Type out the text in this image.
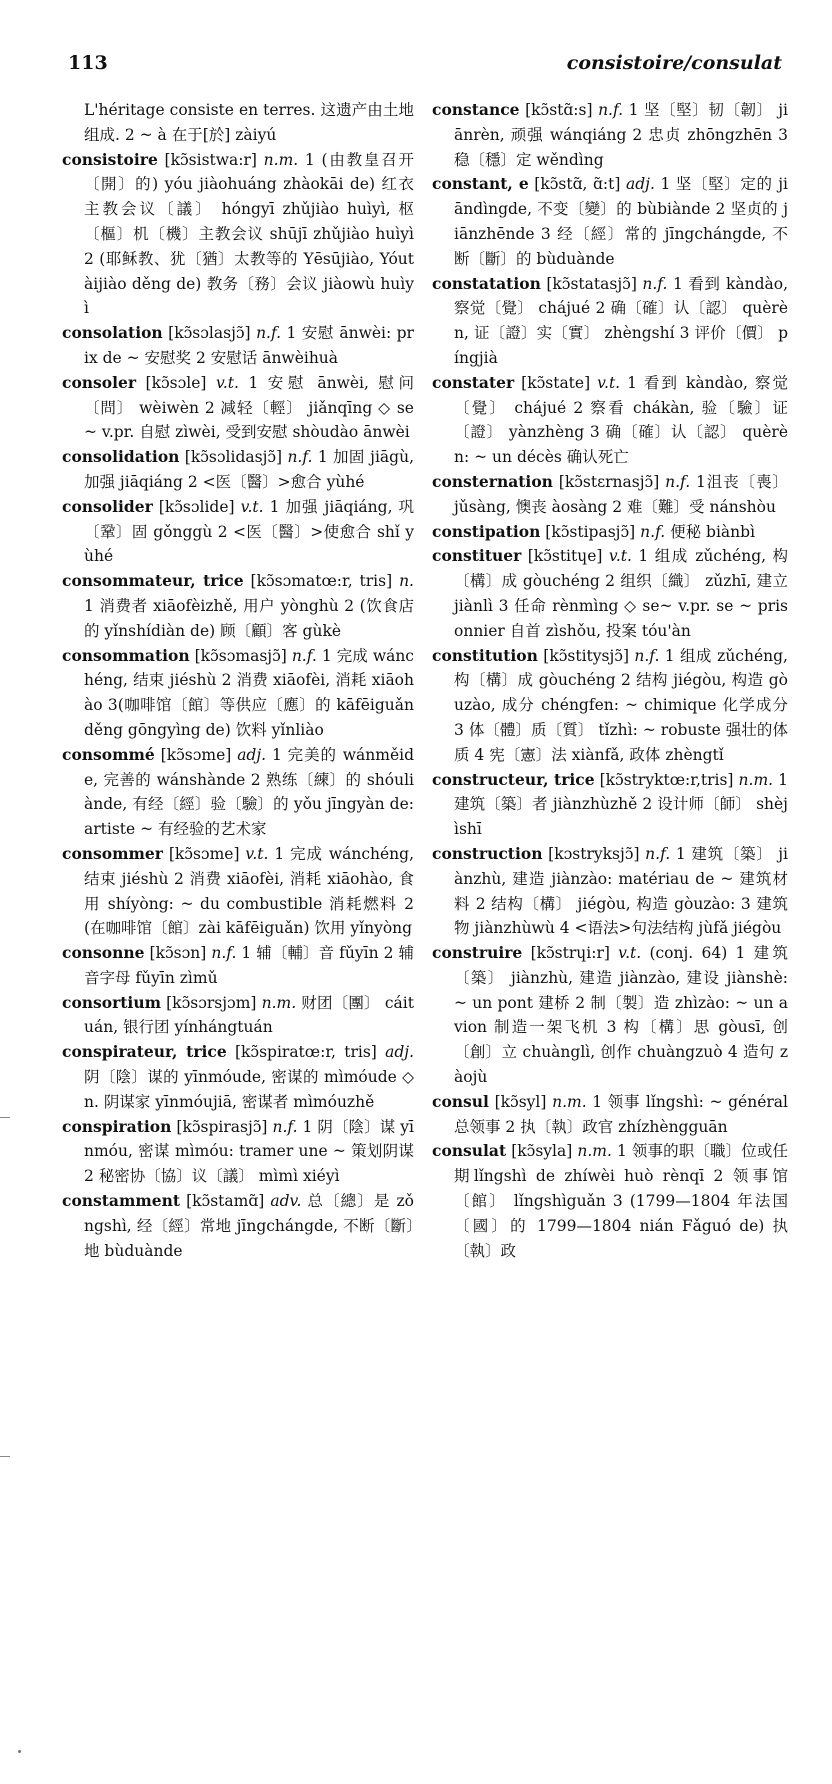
113	consistoire/consulat

L'héritage consiste en terres. 这遗产由土地组成. 2 ~ à 在于[於] zàiyú

consistoire [kɔ̃sistwa:r] n.m. 1 (由教皇召开〔開〕的) yóu jiàohuáng zhàokāi de) 红衣主教会议〔議〕 hóngyī zhǔjiào huìyì, 枢〔樞〕机〔機〕主教会议 shūjī zhǔjiào huìyì 2 (耶稣教、犹〔猶〕太教等的 Yēsūjiào, Yóutàijiào děng de) 教务〔務〕会议 jiàowù huìyì

consolation [kɔ̃sɔlasjɔ̃] n.f. 1 安慰 ānwèi: prix de ~ 安慰奖 2 安慰话 ānwèihuà

consoler [kɔ̃sɔle] v.t. 1 安慰 ānwèi, 慰问〔問〕 wèiwèn 2 减轻〔輕〕 jiǎnqīng ◇ se ~ v.pr. 自慰 zìwèi, 受到安慰 shòudào ānwèi

consolidation [kɔ̃sɔlidasjɔ̃] n.f. 1 加固 jiāgù, 加强 jiāqiáng 2 <医〔醫〕>愈合 yùhé

consolider [kɔ̃sɔlide] v.t. 1 加强 jiāqiáng, 巩〔鞏〕固 gǒnggù 2 <医〔醫〕>使愈合 shǐ yùhé

consommateur, trice [kɔ̃sɔmatœ:r, tris] n. 1 消费者 xiāofèizhě, 用户 yònghù 2 (饮食店的 yǐnshídiàn de) 顾〔顧〕客 gùkè

consommation [kɔ̃sɔmasjɔ̃] n.f. 1 完成 wánchéng, 结束 jiéshù 2 消费 xiāofèi, 消耗 xiāohào 3(咖啡馆〔館〕等供应〔應〕的 kāfēiguǎn děng gōngyìng de) 饮料 yǐnliào

consommé [kɔ̃sɔme] adj. 1 完美的 wánměide, 完善的 wánshànde 2 熟练〔練〕的 shóuliànde, 有经〔經〕验〔驗〕的 yǒu jīngyàn de: artiste ~ 有经验的艺术家

consommer [kɔ̃sɔme] v.t. 1 完成 wánchéng, 结束 jiéshù 2 消费 xiāofèi, 消耗 xiāohào, 食用 shíyòng: ~ du combustible 消耗燃料 2 (在咖啡馆〔館〕zài kāfēiguǎn) 饮用 yǐnyòng

consonne [kɔ̃sɔn] n.f. 1 辅〔輔〕音 fǔyīn 2 辅音字母 fǔyīn zìmǔ

consortium [kɔ̃sɔrsjɔm] n.m. 财团〔團〕 cáituán, 银行团 yínhángtuán

conspirateur, trice [kɔ̃spiratœ:r, tris] adj. 阴〔陰〕谋的 yīnmóude, 密谋的 mìmóude ◇ n. 阴谋家 yīnmóujiā, 密谋者 mìmóuzhě

conspiration [kɔ̃spirasjɔ̃] n.f. 1 阴〔陰〕谋 yīnmóu, 密谋 mìmóu: tramer une ~ 策划阴谋 2 秘密协〔協〕议〔議〕 mìmì xiéyì

constamment [kɔ̃stamɑ̃] adv. 总〔總〕是 zǒngshì, 经〔經〕常地 jīngchángde, 不断〔斷〕地 bùduànde

constance [kɔ̃stɑ̃:s] n.f. 1 坚〔堅〕韧〔韌〕 jiānrèn, 顽强 wánqiáng 2 忠贞 zhōngzhēn 3 稳〔穩〕定 wěndìng

constant, e [kɔ̃stɑ̃, ɑ̃:t] adj. 1 坚〔堅〕定的 jiāndìngde, 不变〔變〕的 bùbiànde 2 坚贞的 jiānzhēnde 3 经〔經〕常的 jīngchángde, 不断〔斷〕的 bùduànde

constatation [kɔ̃statasjɔ̃] n.f. 1 看到 kàndào, 察觉〔覺〕 chájué 2 确〔確〕认〔認〕 quèrèn, 证〔證〕实〔實〕 zhèngshí 3 评价〔價〕 píngjià

constater [kɔ̃state] v.t. 1 看到 kàndào, 察觉〔覺〕 chájué 2 察看 chákàn, 验〔驗〕证〔證〕 yànzhèng 3 确〔確〕认〔認〕 quèrèn: ~ un décès 确认死亡

consternation [kɔ̃stɛrnasjɔ̃] n.f. 1沮丧〔喪〕 jǔsàng, 懊丧 àosàng 2 难〔難〕受 nánshòu

constipation [kɔ̃stipasjɔ̃] n.f. 便秘 biànbì

constituer [kɔ̃stitɥe] v.t. 1 组成 zǔchéng, 构〔構〕成 gòuchéng 2 组织〔織〕 zǔzhī, 建立 jiànlì 3 任命 rènmìng ◇ se~ v.pr. se ~ prisonnier 自首 zìshǒu, 投案 tóu'àn

constitution [kɔ̃stitysjɔ̃] n.f. 1 组成 zǔchéng, 构〔構〕成 gòuchéng 2 结构 jiégòu, 构造 gòuzào, 成分 chéngfen: ~ chimique 化学成分 3 体〔體〕质〔質〕 tǐzhì: ~ robuste 强壮的体质 4 宪〔憲〕法 xiànfǎ, 政体 zhèngtǐ

constructeur, trice [kɔ̃stryktœ:r,tris] n.m. 1建筑〔築〕者 jiànzhùzhě 2 设计师〔師〕 shèjìshī

construction [kɔstryksjɔ̃] n.f. 1 建筑〔築〕 jiànzhù, 建造 jiànzào: matériau de ~ 建筑材料 2 结构〔構〕 jiégòu, 构造 gòuzào: 3 建筑物 jiànzhùwù 4 <语法>句法结构 jùfǎ jiégòu

construire [kɔ̃strɥi:r] v.t. (conj. 64) 1 建筑〔築〕 jiànzhù, 建造 jiànzào, 建设 jiànshè: ~ un pont 建桥 2 制〔製〕造 zhìzào: ~ un avion 制造一架飞机 3 构〔構〕思 gòusī, 创〔創〕立 chuànglì, 创作 chuàngzuò 4 造句 zàojù

consul [kɔ̃syl] n.m. 1 领事 lǐngshì: ~ général 总领事 2 执〔執〕政官 zhízhèngguān

consulat [kɔ̃syla] n.m. 1 领事的职〔職〕位或任期lǐngshì de zhíwèi huò rènqī 2 领事馆〔館〕 lǐngshìguǎn 3 (1799—1804 年法国〔國〕的 1799—1804 nián Fǎguó de) 执〔執〕政
